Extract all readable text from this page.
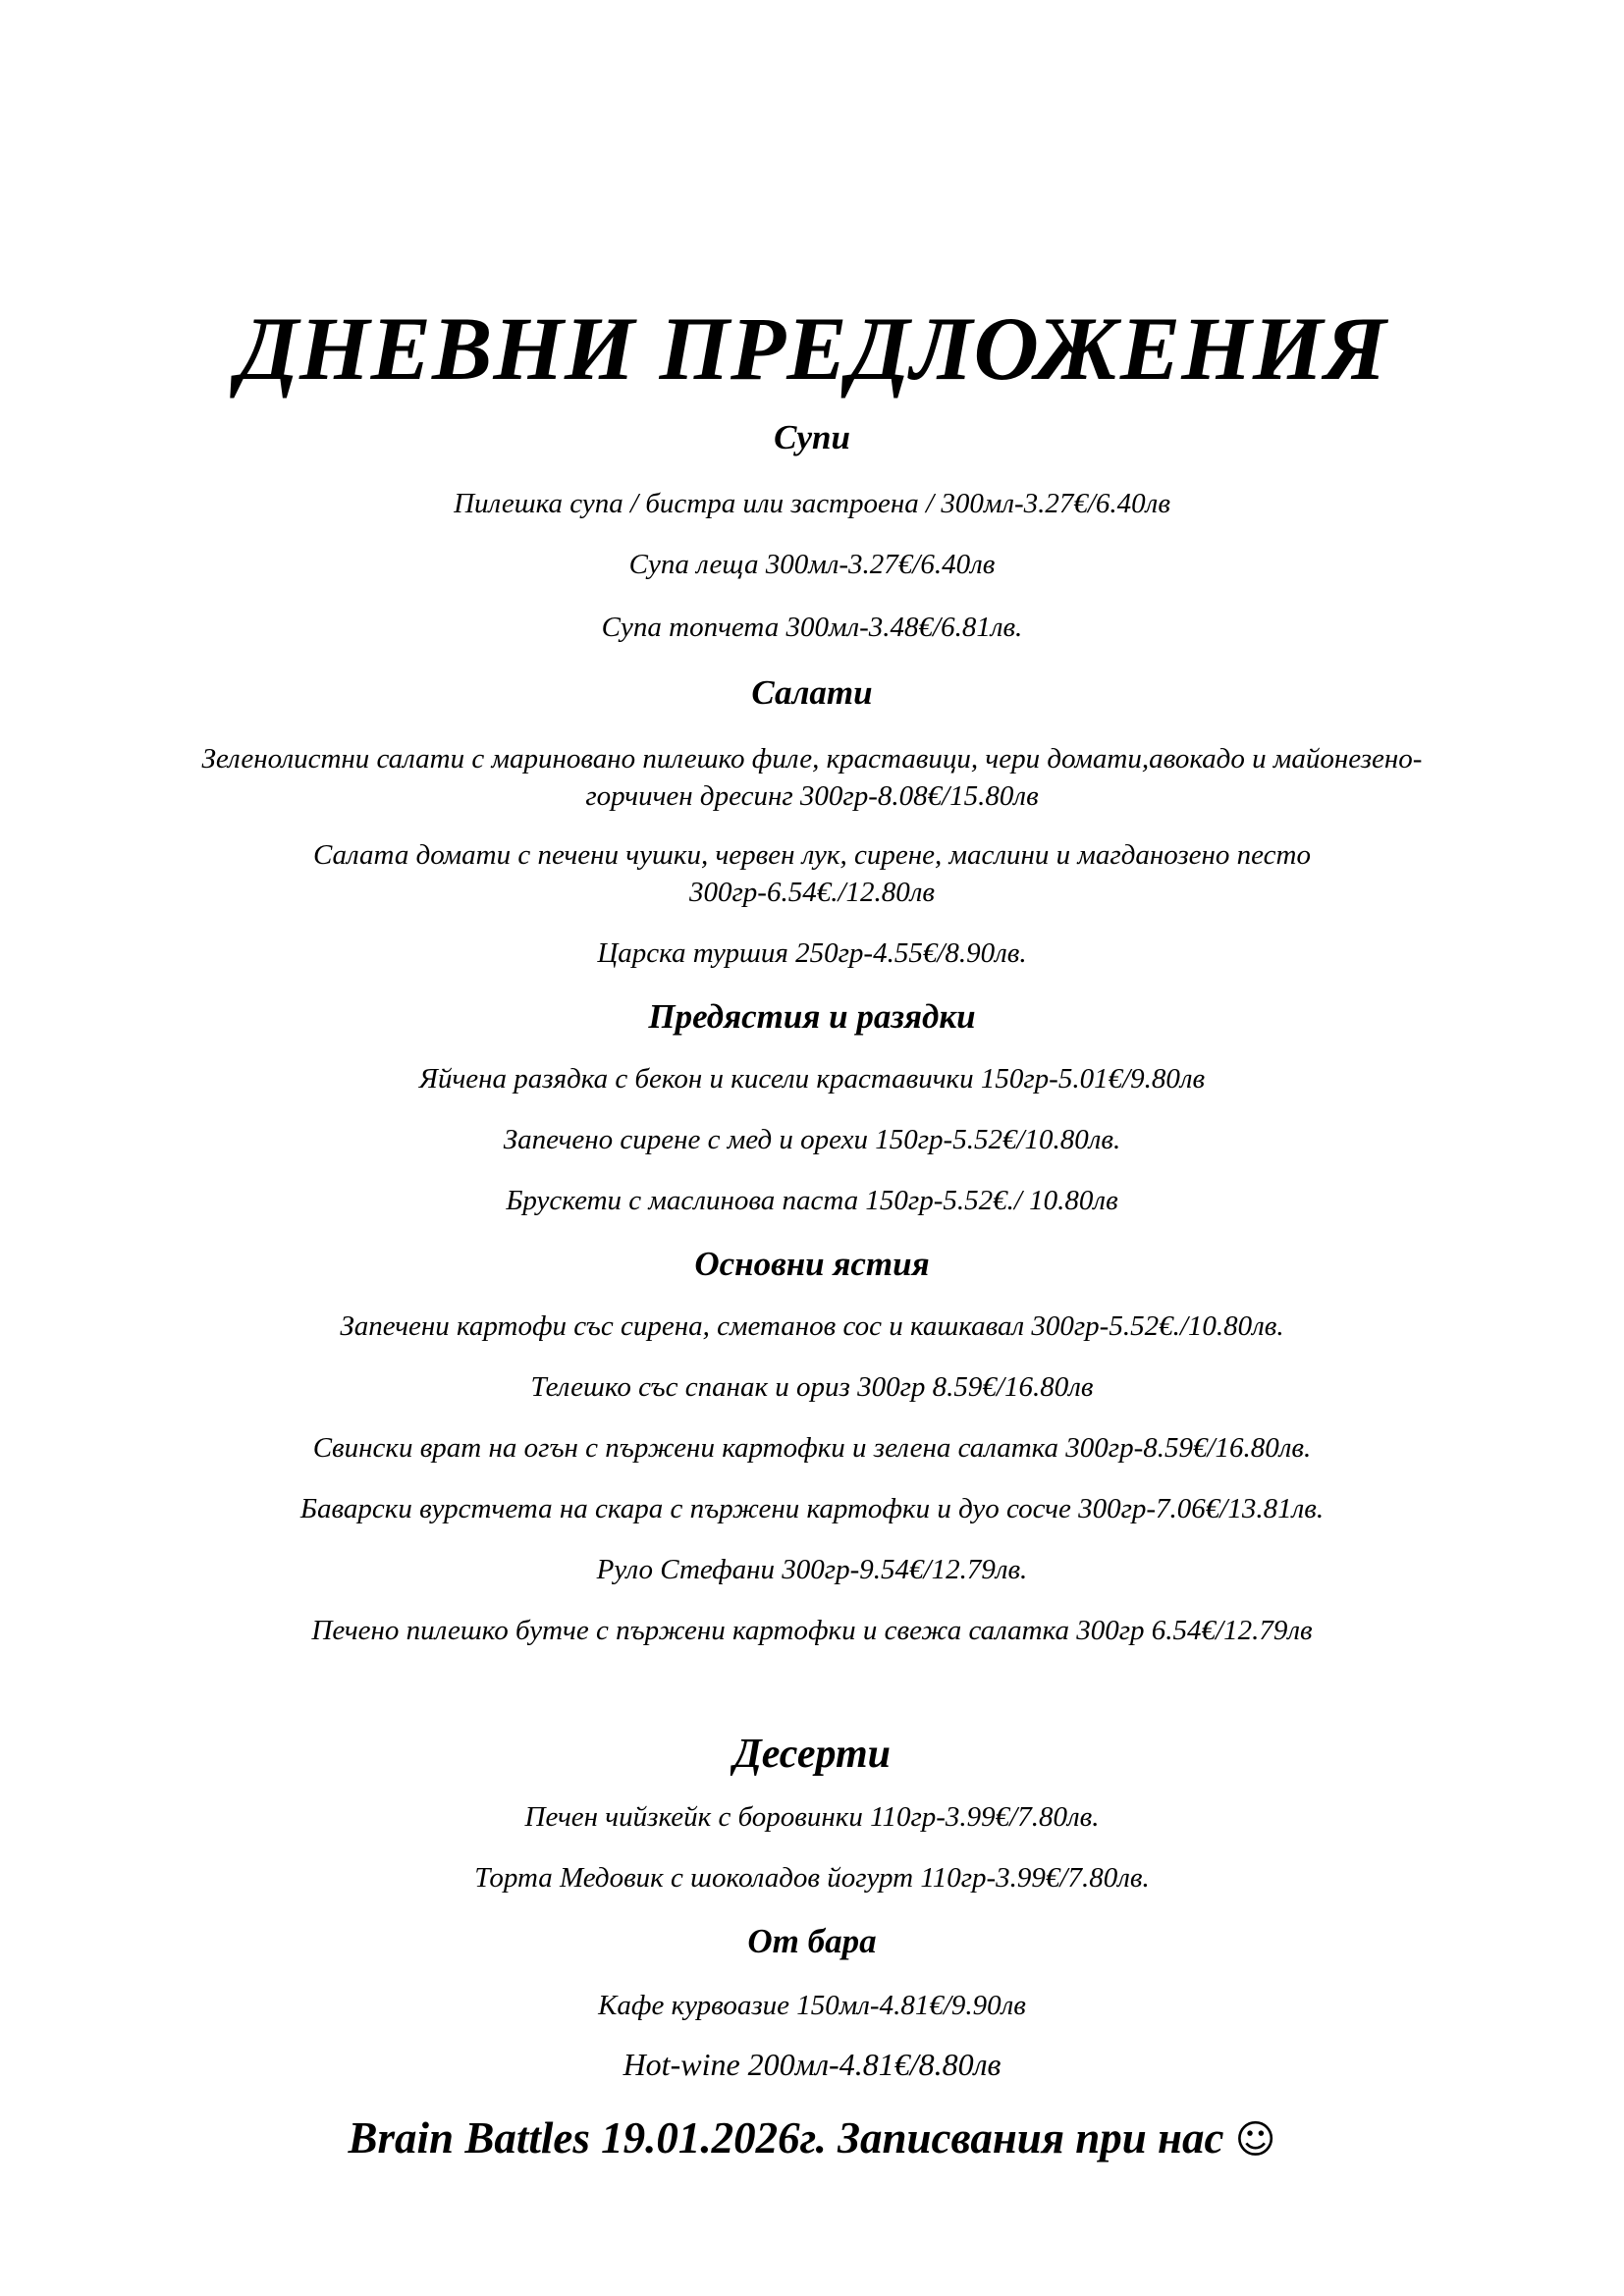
ДНЕВНИ ПРЕДЛОЖЕНИЯ
Супи
Пилешка супа / бистра или застроена / 300мл-3.27€/6.40лв
Супа леща 300мл-3.27€/6.40лв
Супа топчета 300мл-3.48€/6.81лв.
Салати
Зеленолистни салати с маринoвано пилешко филе, краставици, чери домати,авокадо и майонезено-горчичен дресинг 300гр-8.08€/15.80лв
Салата домати с печени чушки, червен лук, сирене, маслини и магданозено песто 300гр-6.54€./12.80лв
Царска туршия 250гр-4.55€/8.90лв.
Предястия и разядки
Яйчена разядка с бекон и кисели краставички 150гр-5.01€/9.80лв
Запечено сирене с мед и орехи 150гр-5.52€/10.80лв.
Брускети с маслинова паста 150гр-5.52€./ 10.80лв
Основни ястия
Запечени картофи със сирена, сметанов сос и кашкавал 300гр-5.52€./10.80лв.
Телешко със спанак и ориз 300гр 8.59€/16.80лв
Свински врат на огън с пържени картофки и зелена салатка 300гр-8.59€/16.80лв.
Баварски вурстчета на скара с пържени картофки и дуо сосче 300гр-7.06€/13.81лв.
Руло Стефани 300гр-9.54€/12.79лв.
Печено пилешко бутче с пържени картофки и свежа салатка 300гр 6.54€/12.79лв
Десерти
Печен чийзкейк с боровинки 110гр-3.99€/7.80лв.
Торта Медовик с шоколадов йогурт 110гр-3.99€/7.80лв.
От бара
Кафе курвоазие 150мл-4.81€/9.90лв
Hot-wine 200мл-4.81€/8.80лв
Brain Battles 19.01.2026г. Записвания при нас ☺
